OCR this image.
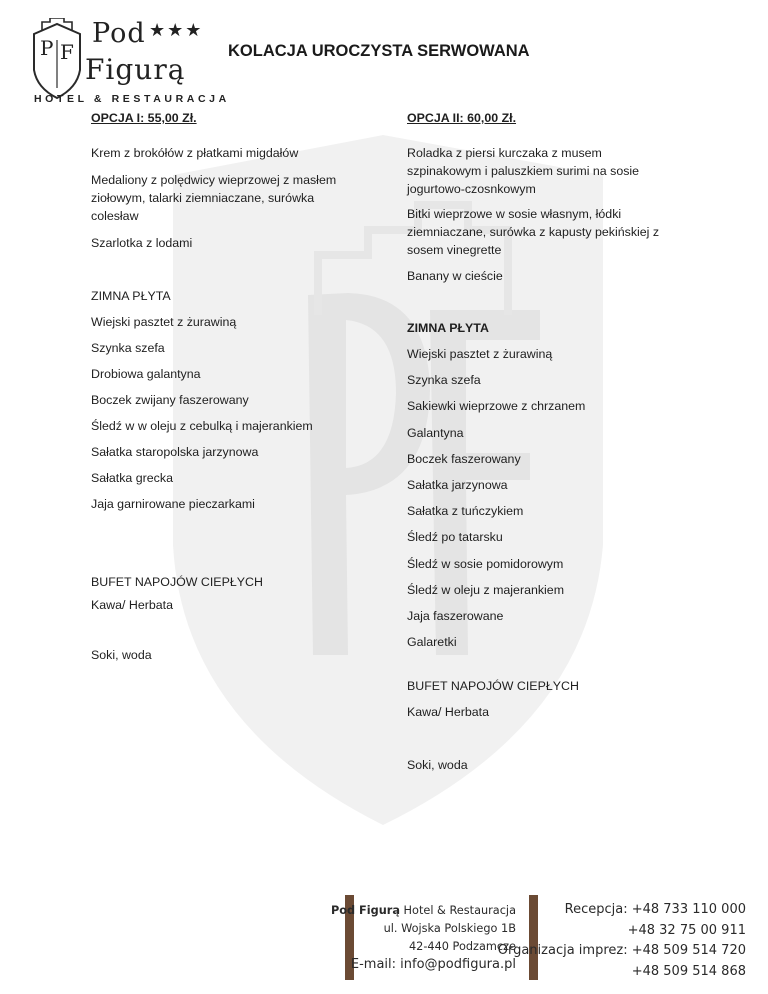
P F
Pod ★★★
Figurą
HOTEL & RESTAURACJA
KOLACJA UROCZYSTA SERWOWANA

OPCJA I: 55,00 Zł.

Krem z brokółów z płatkami migdałów

Medaliony z polędwicy wieprzowej z masłem

ziołowym, talarki ziemniaczane, surówka

colesław

Szarlotka z lodami

ZIMNA PŁYTA

Wiejski pasztet z żurawiną

Szynka szefa

Drobiowa galantyna

Boczek zwijany faszerowany

Śledź w w oleju z cebulką i majerankiem

Sałatka staropolska jarzynowa

Sałatka grecka

Jaja garnirowane pieczarkami

BUFET NAPOJÓW CIEPŁYCH

Kawa/ Herbata

Soki, woda

OPCJA II: 60,00 Zł.

Roladka z piersi kurczaka z musem

szpinakowym i paluszkiem surimi na sosie

jogurtowo-czosnkowym

Bitki wieprzowe w sosie własnym, łódki

ziemniaczane, surówka z kapusty pekińskiej z

sosem vinegrette

Banany w cieście

ZIMNA PŁYTA

Wiejski pasztet z żurawiną

Szynka szefa

Sakiewki wieprzowe z chrzanem

Galantyna

Boczek faszerowany

Sałatka jarzynowa

Sałatka z tuńczykiem

Śledź po tatarsku

Śledź w sosie pomidorowym

Śledź w oleju z majerankiem

Jaja faszerowane

Galaretki

BUFET NAPOJÓW CIEPŁYCH

Kawa/ Herbata

Soki, woda

Pod Figurą Hotel & Restauracja
ul. Wojska Polskiego 1B
42-440 Podzamcze
E-mail: info@podfigura.pl
Recepcja: +48 733 110 000
+48 32 75 00 911
Organizacja imprez: +48 509 514 720
+48 509 514 868
